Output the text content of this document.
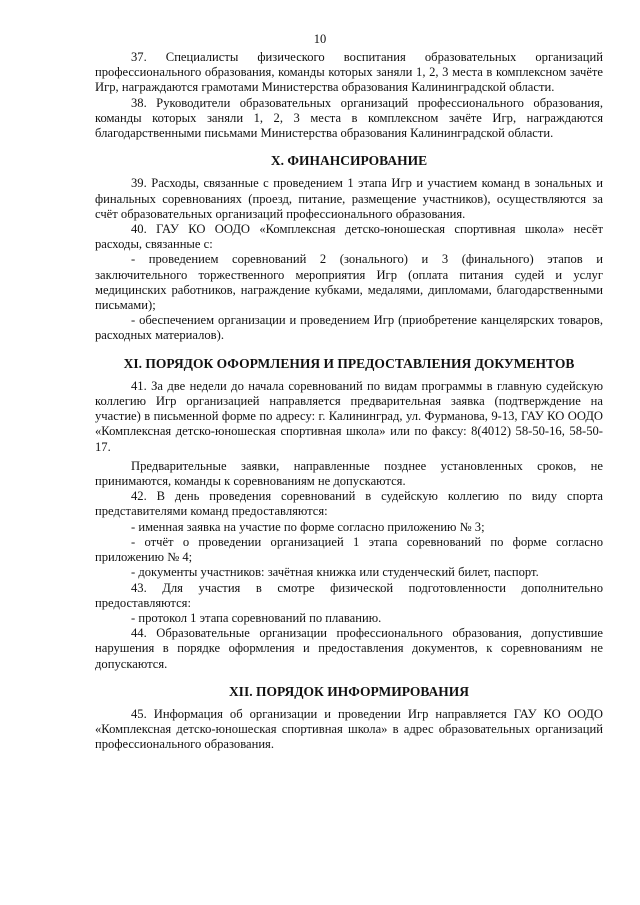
10

37. Специалисты физического воспитания образовательных организаций профессионального образования, команды которых заняли 1, 2, 3 места в комплексном зачёте Игр, награждаются грамотами Министерства образования Калининградской области.

38. Руководители образовательных организаций профессионального образования, команды которых заняли 1, 2, 3 места в комплексном зачёте Игр, награждаются благодарственными письмами Министерства образования Калининградской области.

X. ФИНАНСИРОВАНИЕ

39. Расходы, связанные с проведением 1 этапа Игр и участием команд в зональных и финальных соревнованиях (проезд, питание, размещение участников), осуществляются за счёт образовательных организаций профессионального образования.

40. ГАУ КО ООДО «Комплексная детско-юношеская спортивная школа» несёт расходы, связанные с:

- проведением соревнований 2 (зонального) и 3 (финального) этапов и заключительного торжественного мероприятия Игр (оплата питания судей и услуг медицинских работников, награждение кубками, медалями, дипломами, благодарственными письмами);

- обеспечением организации и проведением Игр (приобретение канцелярских товаров, расходных материалов).

XI. ПОРЯДОК ОФОРМЛЕНИЯ И ПРЕДОСТАВЛЕНИЯ ДОКУМЕНТОВ

41. За две недели до начала соревнований по видам программы в главную судейскую коллегию Игр организацией направляется предварительная заявка (подтверждение на участие) в письменной форме по адресу: г. Калининград, ул. Фурманова, 9-13, ГАУ КО ООДО «Комплексная детско-юношеская спортивная школа» или по факсу: 8(4012) 58-50-16, 58-50-17.

Предварительные заявки, направленные позднее установленных сроков, не принимаются, команды к соревнованиям не допускаются.

42. В день проведения соревнований в судейскую коллегию по виду спорта представителями команд предоставляются:

- именная заявка на участие по форме согласно приложению № 3;

- отчёт о проведении организацией 1 этапа соревнований по форме согласно приложению № 4;

- документы участников: зачётная книжка или студенческий билет, паспорт.

43. Для участия в смотре физической подготовленности дополнительно предоставляются:

- протокол 1 этапа соревнований по плаванию.

44. Образовательные организации профессионального образования, допустившие нарушения в порядке оформления и предоставления документов, к соревнованиям не допускаются.

XII. ПОРЯДОК ИНФОРМИРОВАНИЯ

45. Информация об организации и проведении Игр направляется ГАУ КО ООДО «Комплексная детско-юношеская спортивная школа» в адрес образовательных организаций профессионального образования.
